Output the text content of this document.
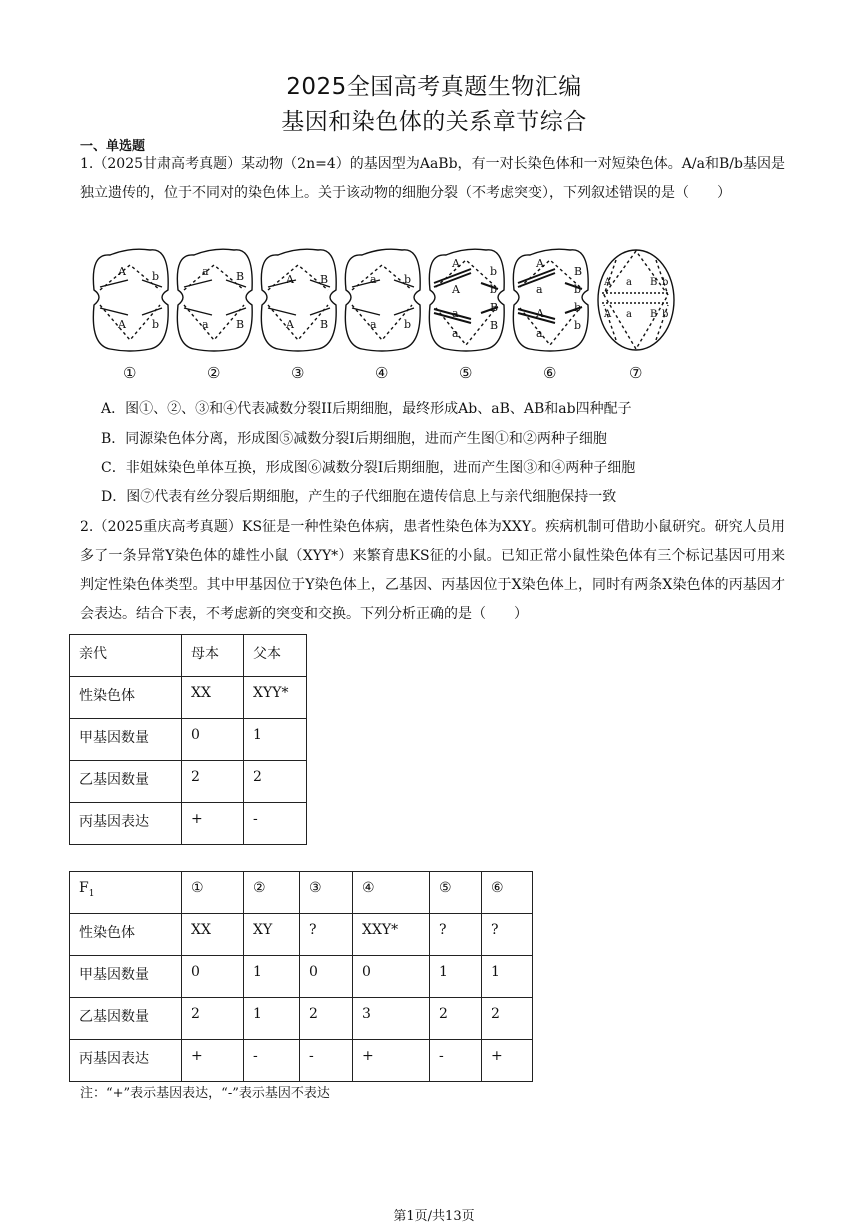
2025全国高考真题生物汇编
基因和染色体的关系章节综合
一、单选题
1.（2025甘肃高考真题）某动物（2n=4）的基因型为AaBb，有一对长染色体和一对短染色体。A/a和B/b基因是独立遗传的，位于不同对的染色体上。关于该动物的细胞分裂（不考虑突变），下列叙述错误的是（　　）
A b
A b
a B
a B
A B
A B
a b
a b
A
A
b
b
a
a
B
B
A
a
B
b
A
a
b
b
A a B b
A a B b
①	②	③	④	⑤	⑥	⑦
A．图①、②、③和④代表减数分裂II后期细胞，最终形成Ab、aB、AB和ab四种配子
B．同源染色体分离，形成图⑤减数分裂I后期细胞，进而产生图①和②两种子细胞
C．非姐妹染色单体互换，形成图⑥减数分裂I后期细胞，进而产生图③和④两种子细胞
D．图⑦代表有丝分裂后期细胞，产生的子代细胞在遗传信息上与亲代细胞保持一致
2.（2025重庆高考真题）KS征是一种性染色体病，患者性染色体为XXY。疾病机制可借助小鼠研究。研究人员用多了一条异常Y染色体的雄性小鼠（XYY*）来繁育患KS征的小鼠。已知正常小鼠性染色体有三个标记基因可用来判定性染色体类型。其中甲基因位于Y染色体上，乙基因、丙基因位于X染色体上，同时有两条X染色体的丙基因才会表达。结合下表，不考虑新的突变和交换。下列分析正确的是（　　）
亲代	母本	父本
性染色体	XX	XYY*
甲基因数量	0	1
乙基因数量	2	2
丙基因表达	+	-
$F_1$	①	②	③	④	⑤	⑥
性染色体	XX	XY	?	XXY*	?	?
甲基因数量	0	1	0	0	1	1
乙基因数量	2	1	2	3	2	2
丙基因表达	+	-	-	+	-	+
注：“+”表示基因表达，“-”表示基因不表达
第1页/共13页
